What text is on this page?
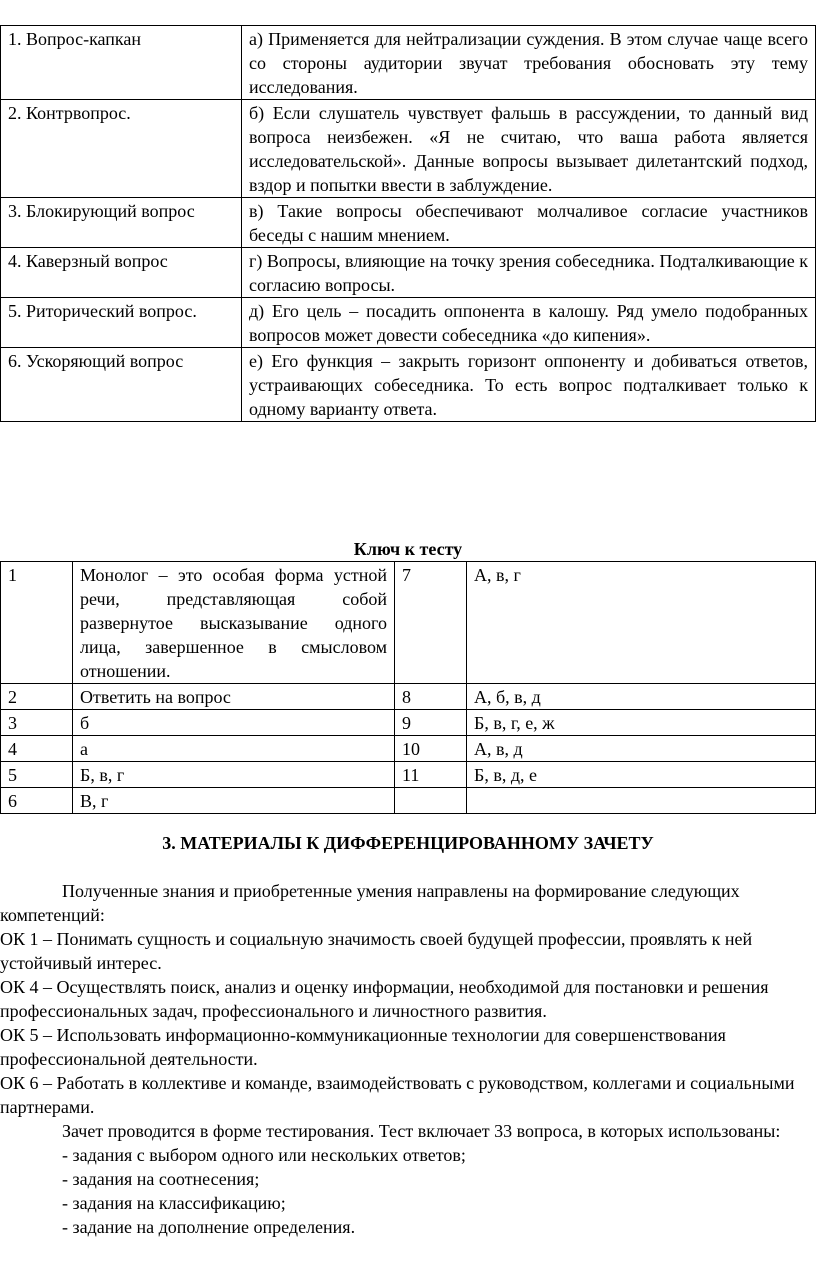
1. Вопрос-капкан	а) Применяется для нейтрализации суждения. В этом случае чаще всего со стороны аудитории звучат требования обосновать эту тему исследования.
2. Контрвопрос.	б) Если слушатель чувствует фальшь в рассуждении, то данный вид вопроса неизбежен. «Я не считаю, что ваша работа является исследовательской». Данные вопросы вызывает дилетантский подход, вздор и попытки ввести в заблуждение.
3. Блокирующий вопрос	в) Такие вопросы обеспечивают молчаливое согласие участников беседы с нашим мнением.
4. Каверзный вопрос	г) Вопросы, влияющие на точку зрения собеседника. Подталкивающие к согласию вопросы.
5. Риторический вопрос.	д) Его цель – посадить оппонента в калошу. Ряд умело подобранных вопросов может довести собеседника «до кипения».
6. Ускоряющий вопрос	е) Его функция – закрыть горизонт оппоненту и добиваться ответов, устраивающих собеседника. То есть вопрос подталкивает только к одному варианту ответа.
Ключ к тесту
1	Монолог – это особая форма устной речи, представляющая собой развернутое высказывание одного лица, завершенное в смысловом отношении.	7	А, в, г
2	Ответить на вопрос	8	А, б, в, д
3	б	9	Б, в, г, е, ж
4	а	10	А, в, д
5	Б, в, г	11	Б, в, д, е
6	В, г		
3. МАТЕРИАЛЫ К ДИФФЕРЕНЦИРОВАННОМУ ЗАЧЕТУ

Полученные знания и приобретенные умения направлены на формирование следующих компетенций:

ОК 1 – Понимать сущность и социальную значимость своей будущей профессии, проявлять к ней устойчивый интерес.

ОК 4 – Осуществлять поиск, анализ и оценку информации, необходимой для постановки и решения профессиональных задач, профессионального и личностного развития.

ОК 5 – Использовать информационно-коммуникационные технологии для совершенствования профессиональной деятельности.

ОК 6 – Работать в коллективе и команде, взаимодействовать с руководством, коллегами и социальными партнерами.

Зачет проводится в форме тестирования. Тест включает 33 вопроса, в которых использованы:

- задания с выбором одного или нескольких ответов;

- задания на соотнесения;

- задания на классификацию;

- задание на дополнение определения.
